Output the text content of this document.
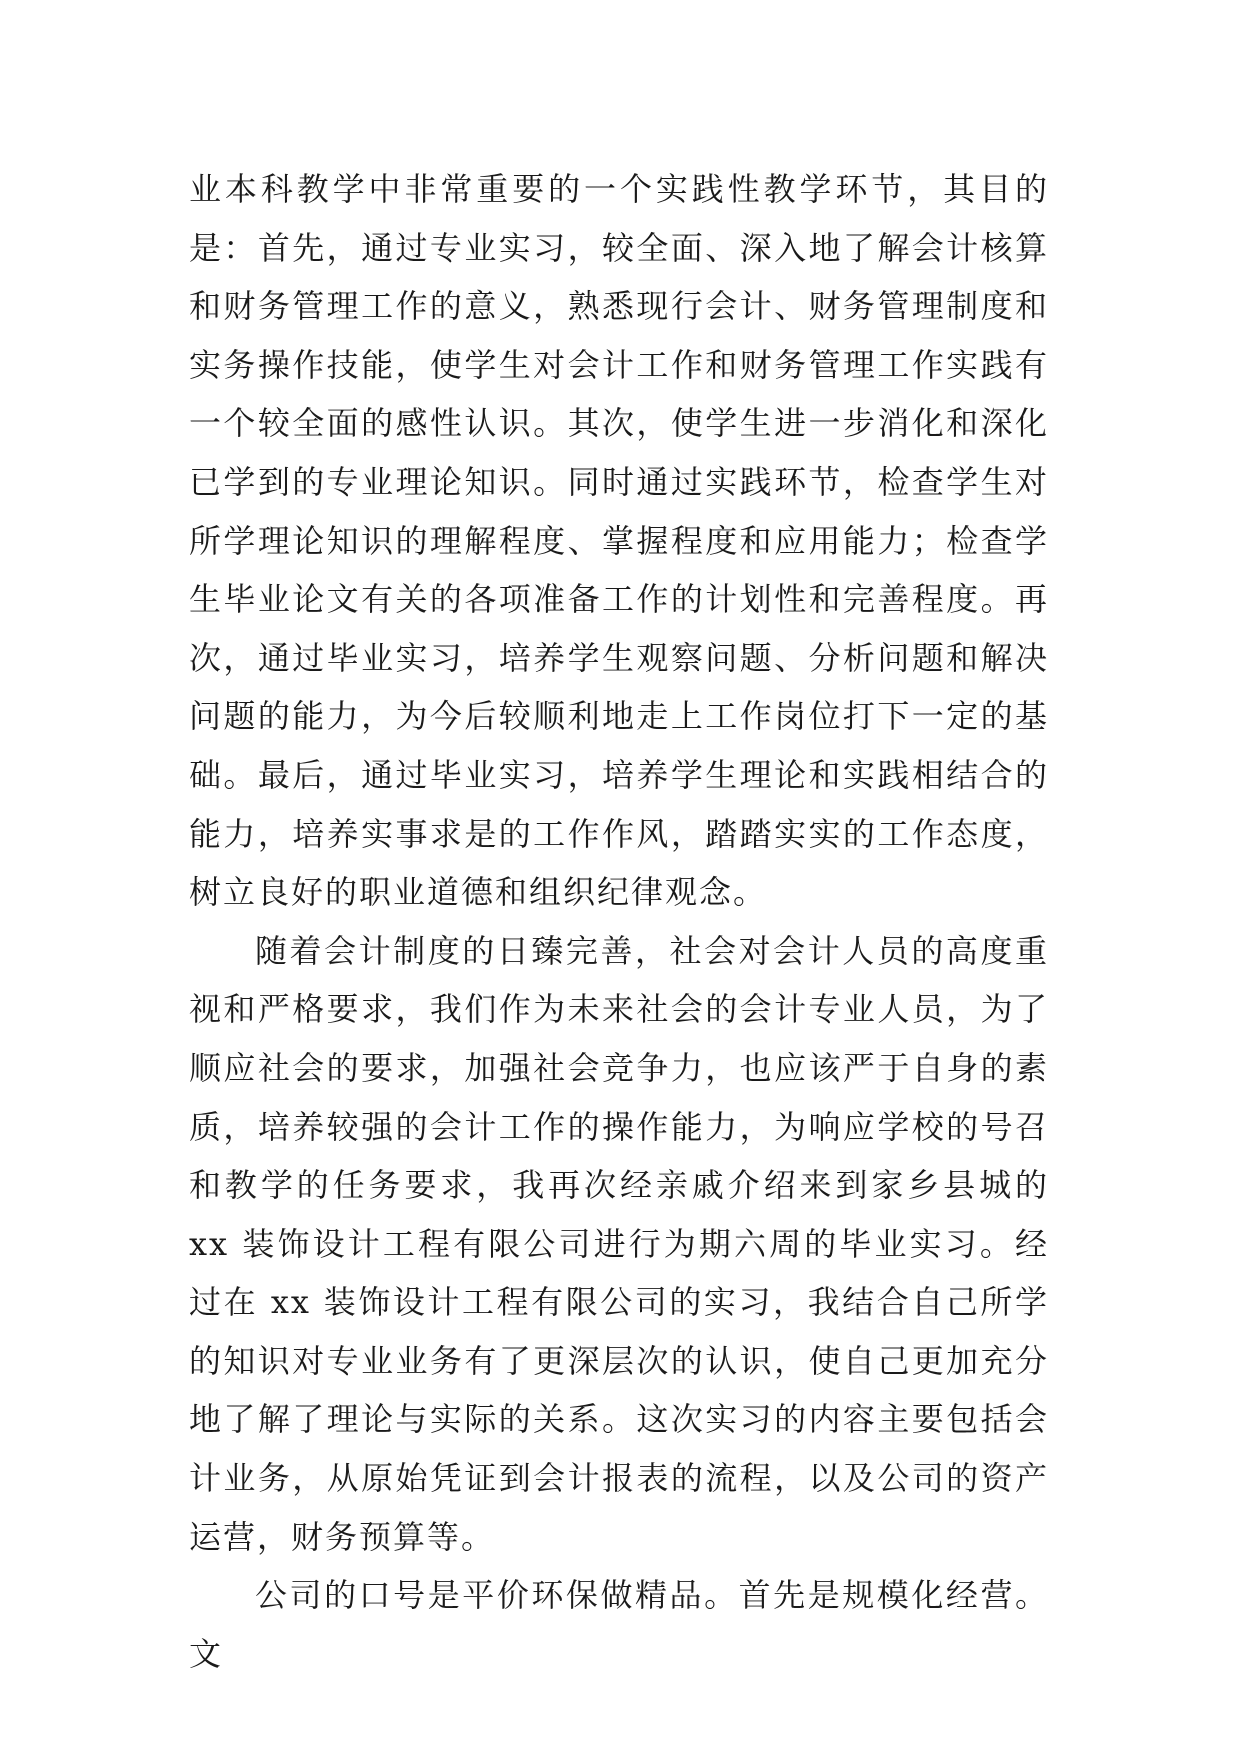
业本科教学中非常重要的一个实践性教学环节，其目的是：首先，通过专业实习，较全面、深入地了解会计核算和财务管理工作的意义，熟悉现行会计、财务管理制度和实务操作技能，使学生对会计工作和财务管理工作实践有一个较全面的感性认识。其次，使学生进一步消化和深化已学到的专业理论知识。同时通过实践环节，检查学生对所学理论知识的理解程度、掌握程度和应用能力；检查学生毕业论文有关的各项准备工作的计划性和完善程度。再次，通过毕业实习，培养学生观察问题、分析问题和解决问题的能力，为今后较顺利地走上工作岗位打下一定的基础。最后，通过毕业实习，培养学生理论和实践相结合的能力，培养实事求是的工作作风，踏踏实实的工作态度，树立良好的职业道德和组织纪律观念。

随着会计制度的日臻完善，社会对会计人员的高度重视和严格要求，我们作为未来社会的会计专业人员，为了顺应社会的要求，加强社会竞争力，也应该严于自身的素质，培养较强的会计工作的操作能力，为响应学校的号召和教学的任务要求，我再次经亲戚介绍来到家乡县城的 xx 装饰设计工程有限公司进行为期六周的毕业实习。经过在 xx 装饰设计工程有限公司的实习，我结合自己所学的知识对专业业务有了更深层次的认识，使自己更加充分地了解了理论与实际的关系。这次实习的内容主要包括会计业务，从原始凭证到会计报表的流程，以及公司的资产运营，财务预算等。

公司的口号是平价环保做精品。首先是规模化经营。文
